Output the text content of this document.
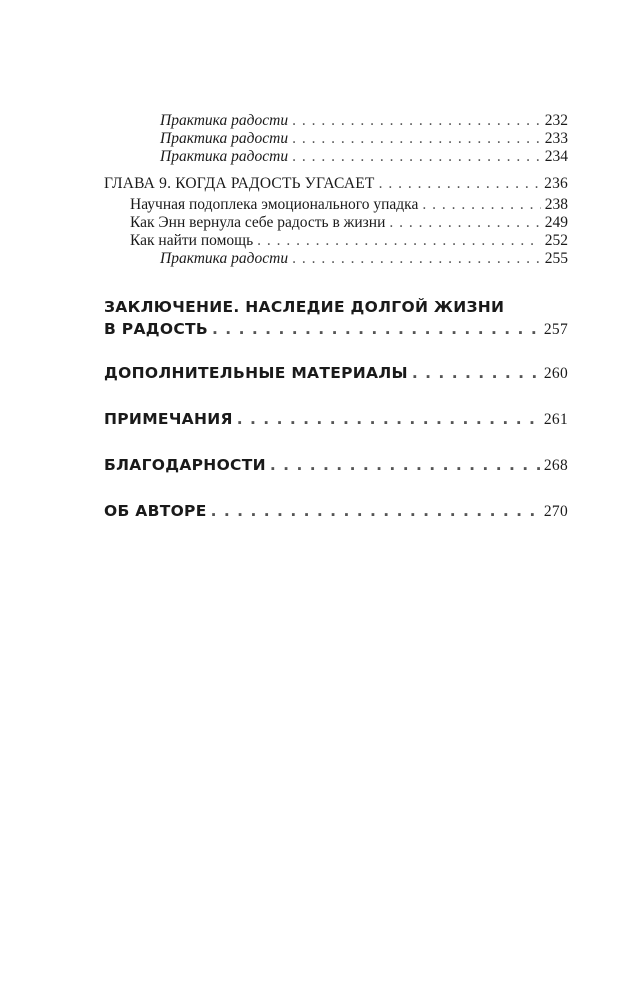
Практика радости . . .	232
Практика радости . . .	233
Практика радости . . .	234
ГЛАВА 9. КОГДА РАДОСТЬ УГАСАЕТ . . .	236
Научная подоплека эмоционального упадка . . .	238
Как Энн вернула себе радость в жизни . . .	249
Как найти помощь . . .	252
Практика радости . . .	255
ЗАКЛЮЧЕНИЕ. НАСЛЕДИЕ ДОЛГОЙ ЖИЗНИ
В РАДОСТЬ . . .	257
ДОПОЛНИТЕЛЬНЫЕ МАТЕРИАЛЫ . . .	260
ПРИМЕЧАНИЯ . . .	261
БЛАГОДАРНОСТИ . . .	268
ОБ АВТОРЕ . . .	270
